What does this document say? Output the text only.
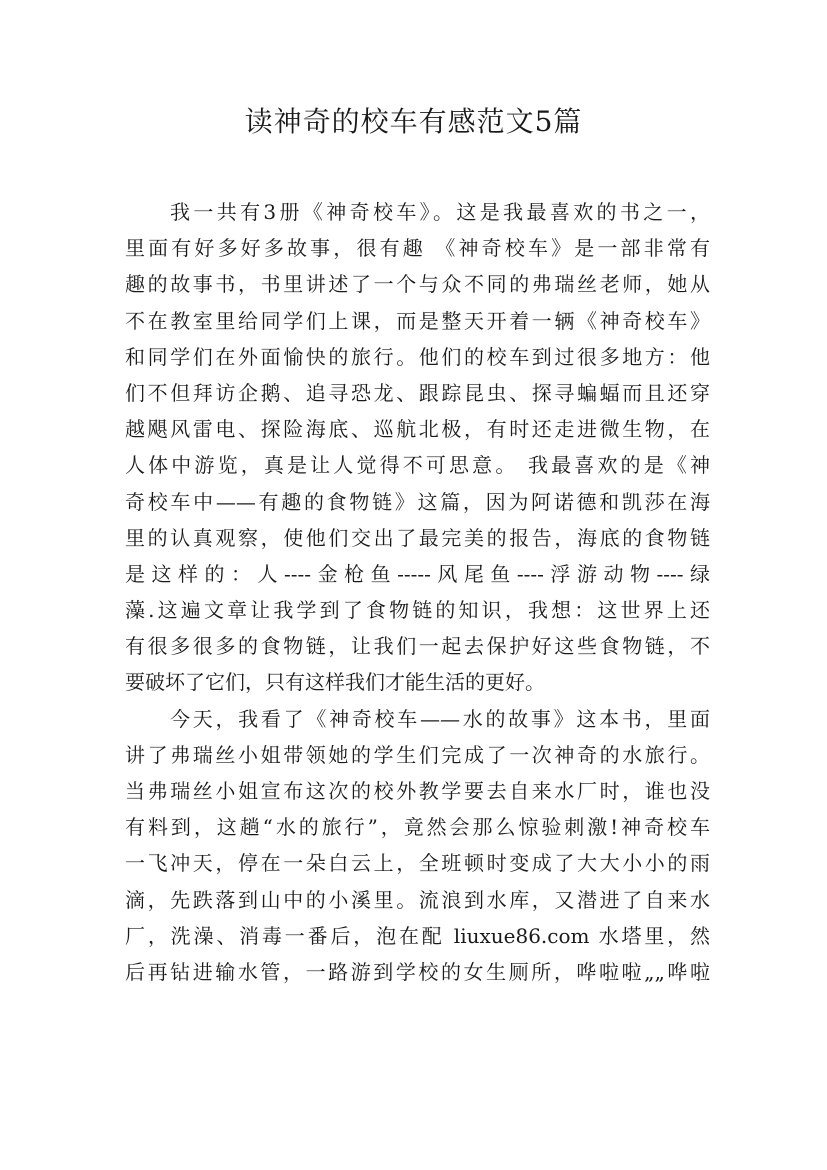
读神奇的校车有感范文5篇
我一共有3册《神奇校车》。这是我最喜欢的书之一，
里面有好多好多故事，很有趣 《神奇校车》是一部非常有
趣的故事书，书里讲述了一个与众不同的弗瑞丝老师，她从
不在教室里给同学们上课，而是整天开着一辆《神奇校车》
和同学们在外面愉快的旅行。他们的校车到过很多地方：他
们不但拜访企鹅、追寻恐龙、跟踪昆虫、探寻蝙蝠而且还穿
越飓风雷电、探险海底、巡航北极，有时还走进微生物，在
人体中游览，真是让人觉得不可思意。 我最喜欢的是《神
奇校车中——有趣的食物链》这篇，因为阿诺德和凯莎在海
里的认真观察，使他们交出了最完美的报告，海底的食物链
是这样的：人----金枪鱼-----风尾鱼----浮游动物----绿
藻.这遍文章让我学到了食物链的知识，我想：这世界上还
有很多很多的食物链，让我们一起去保护好这些食物链，不
要破坏了它们，只有这样我们才能生活的更好。
今天，我看了《神奇校车——水的故事》这本书，里面
讲了弗瑞丝小姐带领她的学生们完成了一次神奇的水旅行。
当弗瑞丝小姐宣布这次的校外教学要去自来水厂时，谁也没
有料到，这趟“水的旅行”，竟然会那么惊验刺激!神奇校车
一飞冲天，停在一朵白云上，全班顿时变成了大大小小的雨
滴，先跌落到山中的小溪里。流浪到水库，又潜进了自来水
厂，洗澡、消毒一番后，泡在配 liuxue86.com 水塔里，然
后再钻进输水管，一路游到学校的女生厕所，哗啦啦„„哗啦
